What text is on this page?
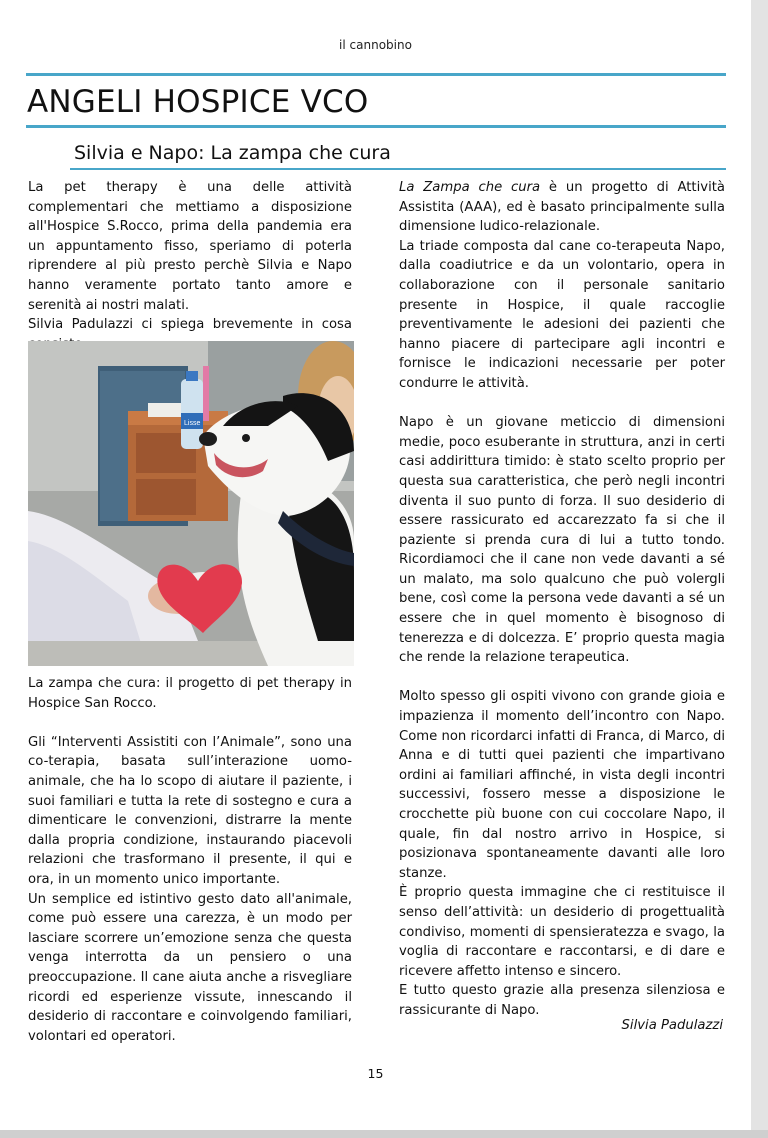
il cannobino
ANGELI HOSPICE VCO
Silvia e Napo: La zampa che cura

La pet therapy è una delle attività complementari che mettiamo a disposizione all'Hospice S.Rocco, prima della pandemia era un appuntamento fisso, speriamo di poterla riprendere al più presto perchè Silvia e Napo hanno veramente portato tanto amore e serenità ai nostri malati.

Silvia Padulazzi ci spiega brevemente in cosa

Lisse

La zampa che cura: il progetto di pet therapy in Hospice San Rocco.

Gli “Interventi Assistiti con l’Animale”, sono una co-terapia, basata sull’interazione uomo-animale, che ha lo scopo di aiutare il paziente, i suoi familiari e tutta la rete di sostegno e cura a dimenticare le convenzioni, distrarre la mente dalla propria condizione, instaurando piacevoli relazioni che trasformano il presente, il qui e ora, in un momento unico importante.

Un semplice ed istintivo gesto dato all'animale, come può essere una carezza, è un modo per lasciare scorrere un’emozione senza che questa venga interrotta da un pensiero o una preoccupazione. Il cane aiuta anche a risvegliare ricordi ed esperienze vissute, innescando il desiderio di raccontare e coinvolgendo familiari, volontari ed operatori.

La Zampa che cura è un progetto di Attività Assistita (AAA), ed è basato principalmente sulla dimensione ludico-relazionale.

La triade composta dal cane co-terapeuta Napo, dalla coadiutrice e da un volontario, opera in collaborazione con il personale sanitario presente in Hospice, il quale raccoglie preventivamente le adesioni dei pazienti che hanno piacere di partecipare agli incontri e fornisce le indicazioni necessarie per poter condurre le attività.

Napo è un giovane meticcio di dimensioni medie, poco esuberante in struttura, anzi in certi casi addirittura timido: è stato scelto proprio per questa sua caratteristica, che però negli incontri diventa il suo punto di forza. Il suo desiderio di essere rassicurato ed accarezzato fa si che il paziente si prenda cura di lui a tutto tondo. Ricordiamoci che il cane non vede davanti a sé un malato, ma solo qualcuno che può volergli bene, così come la persona vede davanti a sé un essere che in quel momento è bisognoso di tenerezza e di dolcezza. E’ proprio questa magia che rende la relazione terapeutica.

Molto spesso gli ospiti vivono con grande gioia e impazienza il momento dell’incontro con Napo. Come non ricordarci infatti di Franca, di Marco, di Anna e di tutti quei pazienti che impartivano ordini ai familiari affinché, in vista degli incontri successivi, fossero messe a disposizione le crocchette più buone con cui coccolare Napo, il quale, fin dal nostro arrivo in Hospice, si posizionava spontaneamente davanti alle loro stanze.

È proprio questa immagine che ci restituisce il senso dell’attività: un desiderio di progettualità condiviso, momenti di spensieratezza e svago, la voglia di raccontare e raccontarsi, e di dare e ricevere affetto intenso e sincero.

E tutto questo grazie alla presenza silenziosa e rassicurante di Napo.

Silvia Padulazzi
15
